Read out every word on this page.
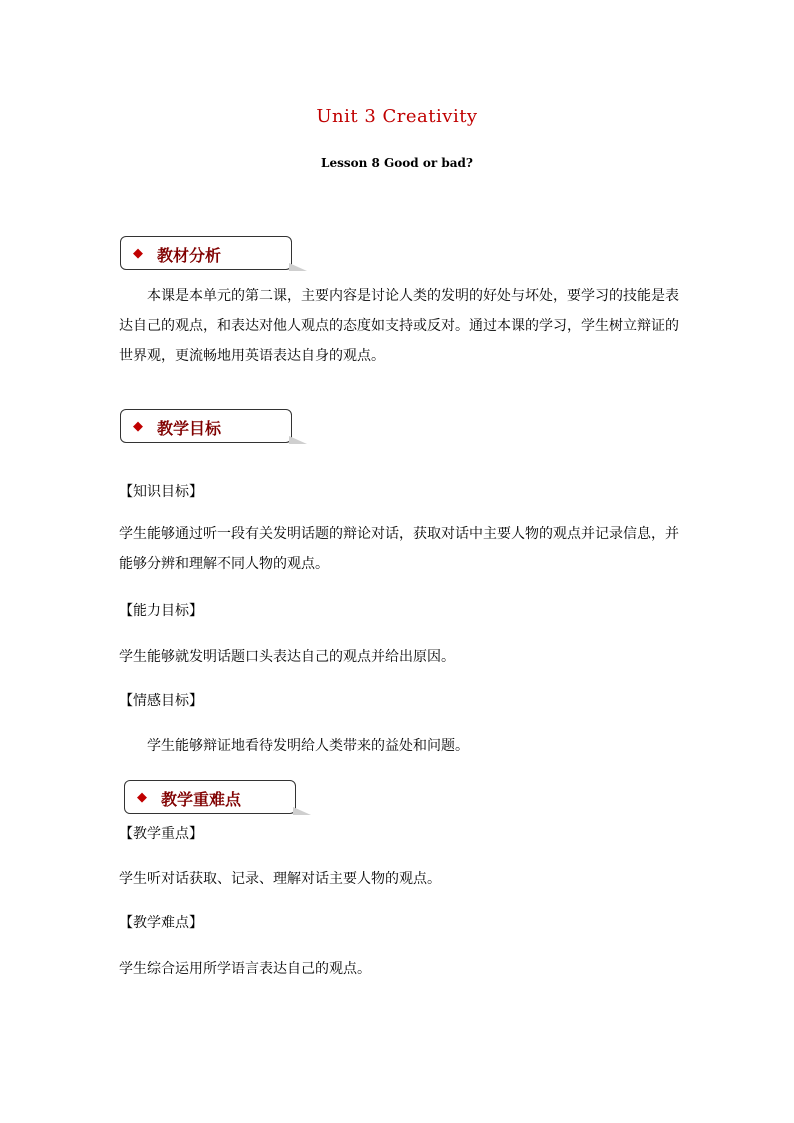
Unit 3 Creativity
Lesson 8 Good or bad?
◆ 教材分析
本课是本单元的第二课，主要内容是讨论人类的发明的好处与坏处，要学习的技能是表达自己的观点，和表达对他人观点的态度如支持或反对。通过本课的学习，学生树立辩证的世界观，更流畅地用英语表达自身的观点。
◆ 教学目标
【知识目标】
学生能够通过听一段有关发明话题的辩论对话，获取对话中主要人物的观点并记录信息，并能够分辨和理解不同人物的观点。
【能力目标】
学生能够就发明话题口头表达自己的观点并给出原因。
【情感目标】
学生能够辩证地看待发明给人类带来的益处和问题。
◆ 教学重难点
【教学重点】
学生听对话获取、记录、理解对话主要人物的观点。
【教学难点】
学生综合运用所学语言表达自己的观点。
